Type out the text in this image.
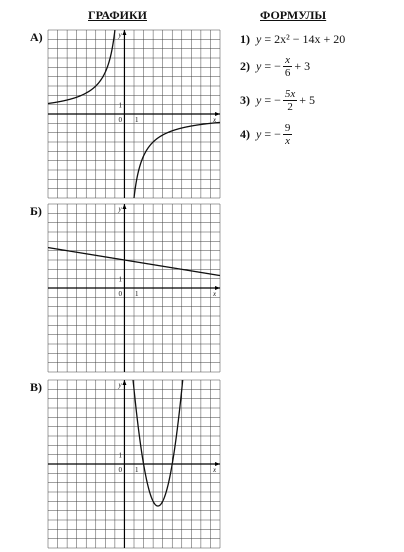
ГРАФИКИ	ФОРМУЛЫ
А)	y
x
0 1
1
Б)	y
x
0 1
1
В)	y
x
0 1
1
1) y
=
2x² − 14x + 20
2) y
= − $\frac{x}{6} + 3$
3) y
= − $\frac{5x}{2} + 5$
4) y
= − $\frac{9}{x}$
